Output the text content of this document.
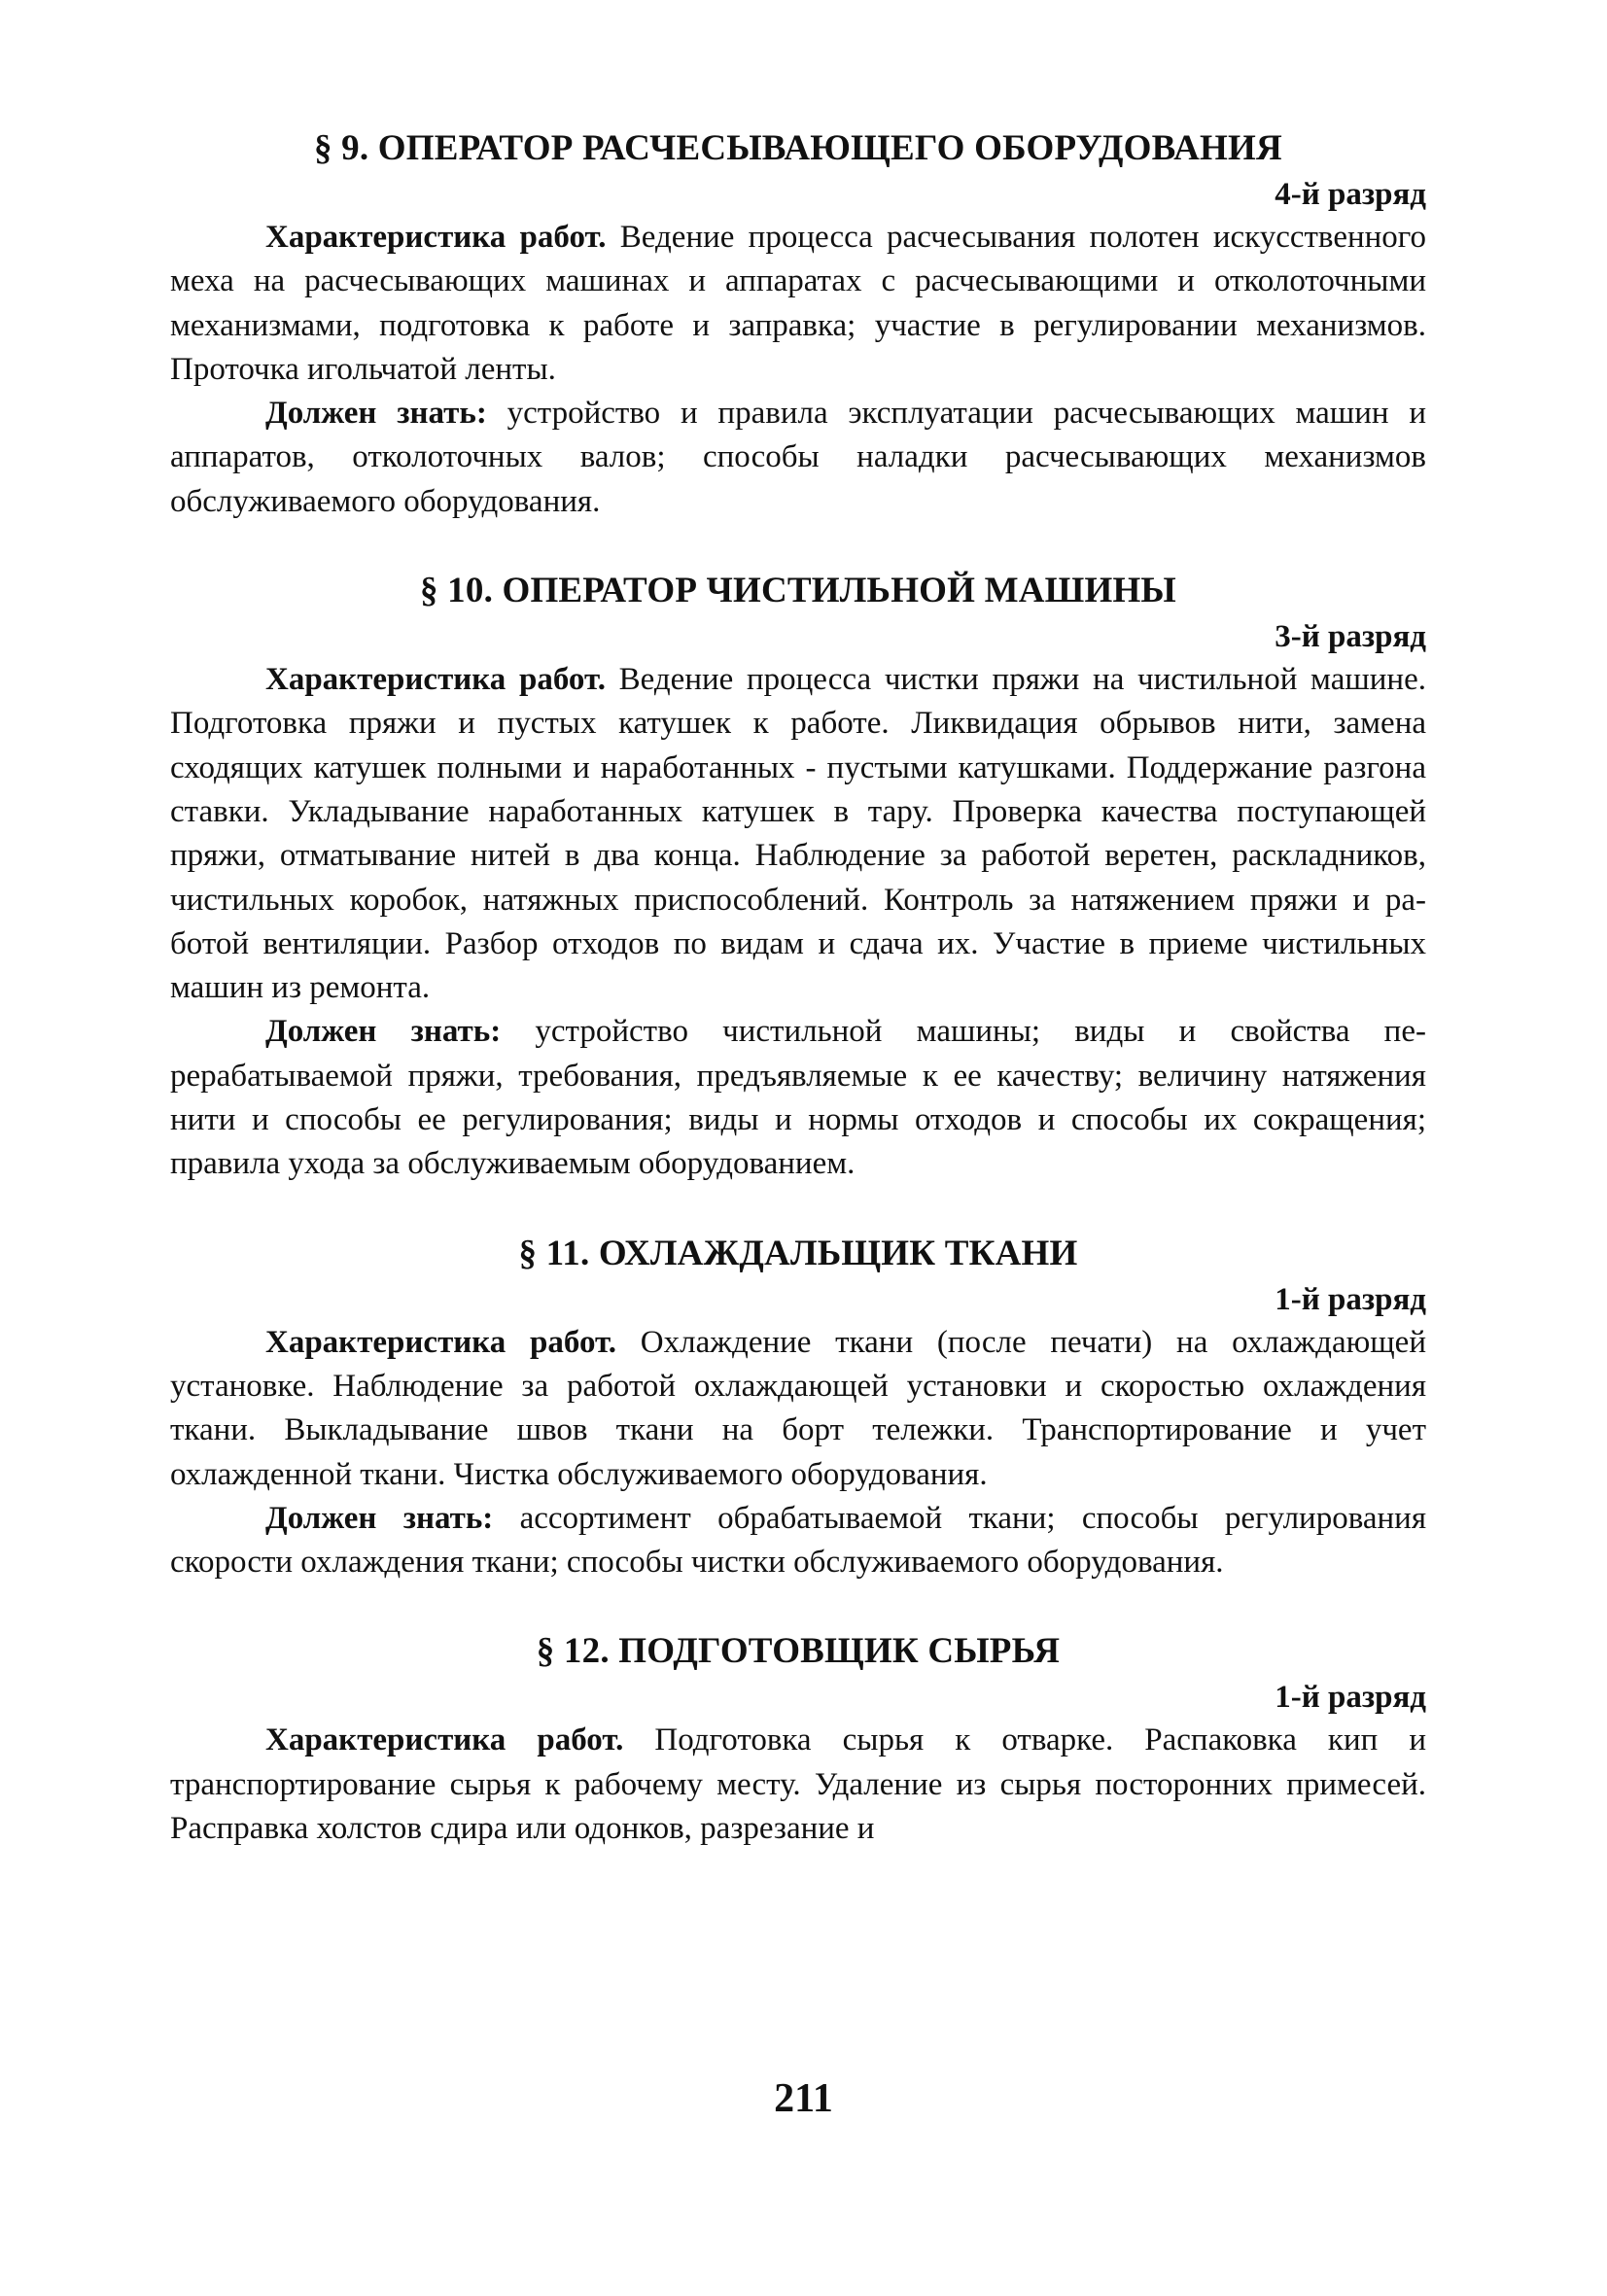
§ 9. ОПЕРАТОР РАСЧЕСЫВАЮЩЕГО ОБОРУДОВАНИЯ

4-й разряд

Характеристика работ. Ведение процесса расчесывания полотен искусственного меха на расчесывающих машинах и аппаратах с расчесывающими и отколоточными механизмами, подготовка к работе и заправка; участие в регулировании механизмов. Проточка игольчатой ленты.

Должен знать: устройство и правила эксплуатации расчесывающих машин и аппаратов, отколоточных валов; способы наладки расчесывающих механизмов обслуживаемого оборудования.

§ 10. ОПЕРАТОР ЧИСТИЛЬНОЙ МАШИНЫ

3-й разряд

Характеристика работ. Ведение процесса чистки пряжи на чистильной машине. Подготовка пряжи и пустых катушек к работе. Ликвидация обрывов нити, замена сходящих катушек полными и наработанных - пустыми катушками. Поддержание разгона ставки. Укладывание наработанных катушек в тару. Проверка качества поступающей пряжи, отматывание нитей в два конца. Наблюдение за работой веретен, раскладников, чистильных коробок, натяжных приспособлений. Контроль за натяжением пряжи и работой вентиляции. Разбор отходов по видам и сдача их. Участие в приеме чистильных машин из ремонта.

Должен знать: устройство чистильной машины; виды и свойства перерабатываемой пряжи, требования, предъявляемые к ее качеству; величину натяжения нити и способы ее регулирования; виды и нормы отходов и способы их сокращения; правила ухода за обслуживаемым оборудованием.

§ 11. ОХЛАЖДАЛЬЩИК ТКАНИ

1-й разряд

Характеристика работ. Охлаждение ткани (после печати) на охлаждающей установке. Наблюдение за работой охлаждающей установки и скоростью охлаждения ткани. Выкладывание швов ткани на борт тележки. Транспортирование и учет охлажденной ткани. Чистка обслуживаемого оборудования.

Должен знать: ассортимент обрабатываемой ткани; способы регулирования скорости охлаждения ткани; способы чистки обслуживаемого оборудования.

§ 12. ПОДГОТОВЩИК СЫРЬЯ

1-й разряд

Характеристика работ. Подготовка сырья к отварке. Распаковка кип и транспортирование сырья к рабочему месту. Удаление из сырья посторонних примесей. Расправка холстов сдира или одонков, разрезание и

211
